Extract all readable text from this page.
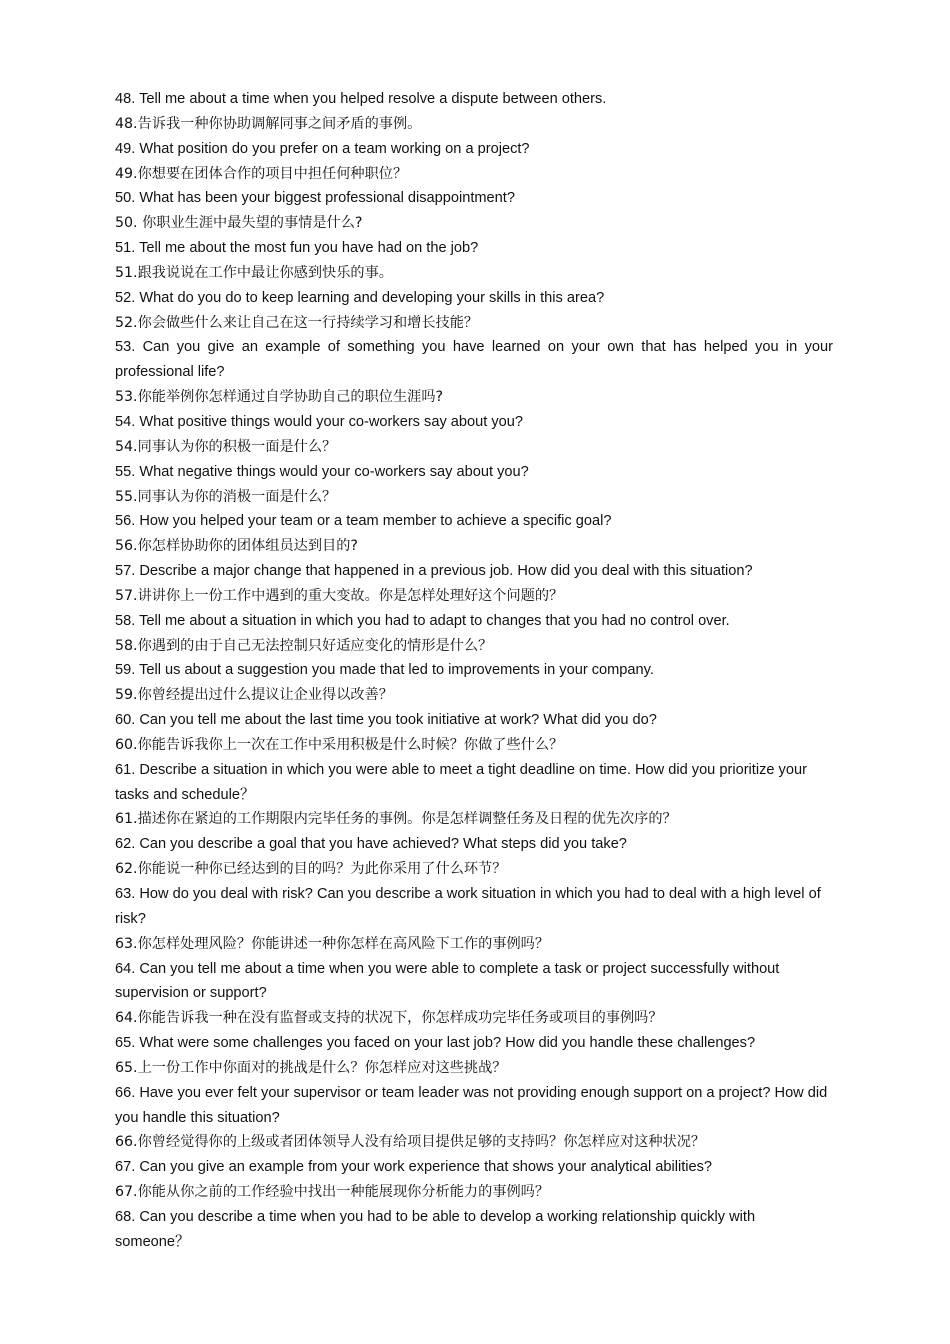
48. Tell me about a time when you helped resolve a dispute between others.
48.告诉我一种你协助调解同事之间矛盾的事例。
49. What position do you prefer on a team working on a project?
49.你想要在团体合作的项目中担任何种职位？
50. What has been your biggest professional disappointment?
50. 你职业生涯中最失望的事情是什么?
51. Tell me about the most fun you have had on the job?
51.跟我说说在工作中最让你感到快乐的事。
52. What do you do to keep learning and developing your skills in this area?
52.你会做些什么来让自己在这一行持续学习和增长技能？
53. Can you give an example of something you have learned on your own that has helped you in your professional life?
53.你能举例你怎样通过自学协助自己的职位生涯吗?
54. What positive things would your co-workers say about you?
54.同事认为你的积极一面是什么？
55. What negative things would your co-workers say about you?
55.同事认为你的消极一面是什么？
56. How you helped your team or a team member to achieve a specific goal?
56.你怎样协助你的团体组员达到目的?
57. Describe a major change that happened in a previous job. How did you deal with this situation?
57.讲讲你上一份工作中遇到的重大变故。你是怎样处理好这个问题的？
58. Tell me about a situation in which you had to adapt to changes that you had no control over.
58.你遇到的由于自己无法控制只好适应变化的情形是什么？
59. Tell us about a suggestion you made that led to improvements in your company.
59.你曾经提出过什么提议让企业得以改善？
60. Can you tell me about the last time you took initiative at work? What did you do?
60.你能告诉我你上一次在工作中采用积极是什么时候？你做了些什么？
61. Describe a situation in which you were able to meet a tight deadline on time. How did you prioritize your tasks and schedule？
61.描述你在紧迫的工作期限内完毕任务的事例。你是怎样调整任务及日程的优先次序的？
62. Can you describe a goal that you have achieved? What steps did you take?
62.你能说一种你已经达到的目的吗？为此你采用了什么环节？
63. How do you deal with risk? Can you describe a work situation in which you had to deal with a high level of risk?
63.你怎样处理风险？你能讲述一种你怎样在高风险下工作的事例吗？
64. Can you tell me about a time when you were able to complete a task or project successfully without supervision or support?
64.你能告诉我一种在没有监督或支持的状况下，你怎样成功完毕任务或项目的事例吗？
65. What were some challenges you faced on your last job? How did you handle these challenges?
65.上一份工作中你面对的挑战是什么？你怎样应对这些挑战？
66. Have you ever felt your supervisor or team leader was not providing enough support on a project? How did you handle this situation?
66.你曾经觉得你的上级或者团体领导人没有给项目提供足够的支持吗？你怎样应对这种状况？
67. Can you give an example from your work experience that shows your analytical abilities?
67.你能从你之前的工作经验中找出一种能展现你分析能力的事例吗？
68. Can you describe a time when you had to be able to develop a working relationship quickly with someone？
